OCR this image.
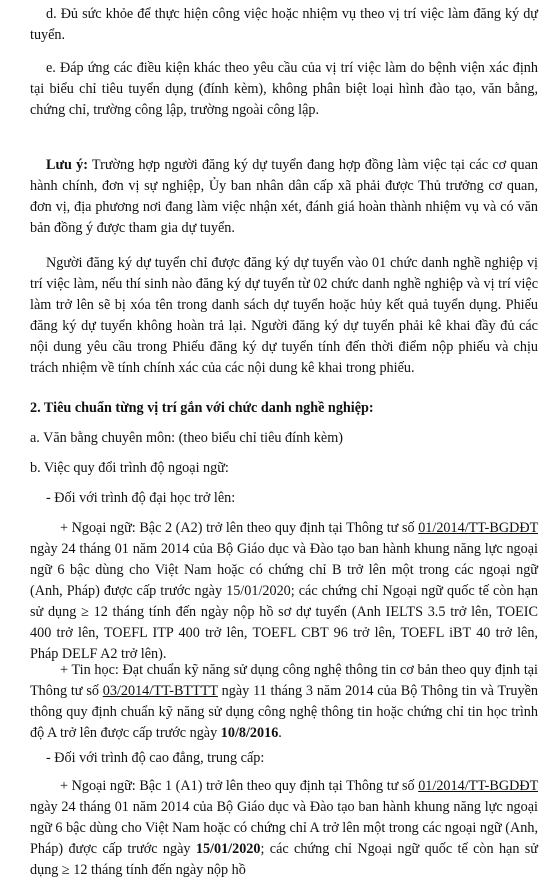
d. Đủ sức khỏe để thực hiện công việc hoặc nhiệm vụ theo vị trí việc làm đăng ký dự tuyển.

e. Đáp ứng các điều kiện khác theo yêu cầu của vị trí việc làm do bệnh viện xác định tại biểu chỉ tiêu tuyển dụng (đính kèm), không phân biệt loại hình đào tạo, văn bằng, chứng chỉ, trường công lập, trường ngoài công lập.

Lưu ý: Trường hợp người đăng ký dự tuyển đang hợp đồng làm việc tại các cơ quan hành chính, đơn vị sự nghiệp, Ủy ban nhân dân cấp xã phải được Thủ trưởng cơ quan, đơn vị, địa phương nơi đang làm việc nhận xét, đánh giá hoàn thành nhiệm vụ và có văn bản đồng ý được tham gia dự tuyển.

Người đăng ký dự tuyển chỉ được đăng ký dự tuyển vào 01 chức danh nghề nghiệp vị trí việc làm, nếu thí sinh nào đăng ký dự tuyển từ 02 chức danh nghề nghiệp và vị trí việc làm trở lên sẽ bị xóa tên trong danh sách dự tuyển hoặc hủy kết quả tuyển dụng. Phiếu đăng ký dự tuyển không hoàn trả lại. Người đăng ký dự tuyển phải kê khai đầy đủ các nội dung yêu cầu trong Phiếu đăng ký dự tuyển tính đến thời điểm nộp phiếu và chịu trách nhiệm về tính chính xác của các nội dung kê khai trong phiếu.

2. Tiêu chuẩn từng vị trí gắn với chức danh nghề nghiệp:

a. Văn bằng chuyên môn: (theo biểu chỉ tiêu đính kèm)

b. Việc quy đổi trình độ ngoại ngữ:

- Đối với trình độ đại học trở lên:

+ Ngoại ngữ: Bậc 2 (A2) trở lên theo quy định tại Thông tư số 01/2014/TT-BGDĐT ngày 24 tháng 01 năm 2014 của Bộ Giáo dục và Đào tạo ban hành khung năng lực ngoại ngữ 6 bậc dùng cho Việt Nam hoặc có chứng chỉ B trở lên một trong các ngoại ngữ (Anh, Pháp) được cấp trước ngày 15/01/2020; các chứng chỉ Ngoại ngữ quốc tế còn hạn sử dụng ≥ 12 tháng tính đến ngày nộp hồ sơ dự tuyển (Anh IELTS 3.5 trở lên, TOEIC 400 trở lên, TOEFL ITP 400 trở lên, TOEFL CBT 96 trở lên, TOEFL iBT 40 trở lên, Pháp DELF A2 trở lên).

+ Tin học: Đạt chuẩn kỹ năng sử dụng công nghệ thông tin cơ bản theo quy định tại Thông tư số 03/2014/TT-BTTTT ngày 11 tháng 3 năm 2014 của Bộ Thông tin và Truyền thông quy định chuẩn kỹ năng sử dụng công nghệ thông tin hoặc chứng chỉ tin học trình độ A trở lên được cấp trước ngày 10/8/2016.

- Đối với trình độ cao đẳng, trung cấp:

+ Ngoại ngữ: Bậc 1 (A1) trở lên theo quy định tại Thông tư số 01/2014/TT-BGDĐT ngày 24 tháng 01 năm 2014 của Bộ Giáo dục và Đào tạo ban hành khung năng lực ngoại ngữ 6 bậc dùng cho Việt Nam hoặc có chứng chỉ A trở lên một trong các ngoại ngữ (Anh, Pháp) được cấp trước ngày 15/01/2020; các chứng chỉ Ngoại ngữ quốc tế còn hạn sử dụng ≥ 12 tháng tính đến ngày nộp hồ
